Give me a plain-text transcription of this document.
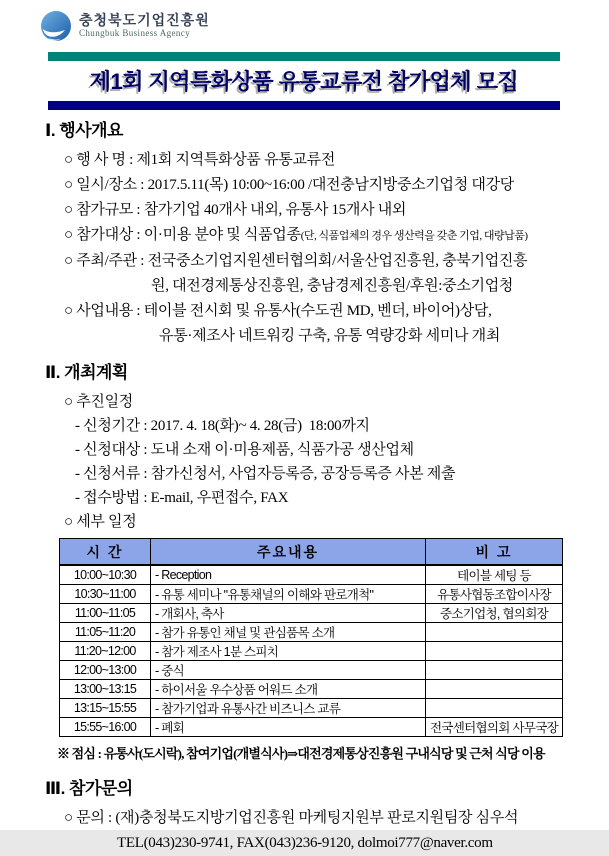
충청북도기업진흥원
Chungbuk Business Agency
제1회 지역특화상품 유통교류전 참가업체 모집
Ⅰ. 행사개요
○ 행 사 명 : 제1회 지역특화상품 유통교류전
○ 일시/장소 : 2017.5.11(목) 10:00~16:00 /대전충남지방중소기업청 대강당
○ 참가규모 : 참가기업 40개사 내외, 유통사 15개사 내외
○ 참가대상 : 이·미용 분야 및 식품업종(단, 식품업체의 경우 생산력을 갖춘 기업, 대량납품)
○ 주최/주관 : 전국중소기업지원센터협의회/서울산업진흥원, 충북기업진흥
원, 대전경제통상진흥원, 충남경제진흥원/후원:중소기업청
○ 사업내용 : 테이블 전시회 및 유통사(수도권 MD, 벤더, 바이어)상담,
유통·제조사 네트워킹 구축, 유통 역량강화 세미나 개최
Ⅱ. 개최계획
○ 추진일정
- 신청기간 : 2017. 4. 18(화)~ 4. 28(금)  18:00까지
- 신청대상 : 도내 소재 이·미용제품, 식품가공 생산업체
- 신청서류 : 참가신청서, 사업자등록증, 공장등록증 사본 제출
- 접수방법 : E-mail, 우편접수, FAX
○ 세부 일정
시 간	주요내용	비 고
10:00~10:30	- Reception	테이블 세팅 등
10:30~11:00	- 유통 세미나 "유통채널의 이해와 판로개척"	유통사협동조합이사장
11:00~11:05	- 개회사, 축사	중소기업청, 협의회장
11:05~11:20	- 참가 유통인 채널 및 관심품목 소개	
11:20~12:00	- 참가 제조사 1분 스피치	
12:00~13:00	- 중식	
13:00~13:15	- 하이서울 우수상품 어워드 소개	
13:15~15:55	- 참가기업과 유통사간 비즈니스 교류	
15:55~16:00	- 폐회	전국센터협의회 사무국장
※ 점심 : 유통사(도시락), 참여기업(개별식사)⇒대전경제통상진흥원 구내식당 및 근처 식당 이용
Ⅲ. 참가문의
○ 문의 : (재)충청북도지방기업진흥원 마케팅지원부 판로지원팀장 심우석
TEL(043)230-9741, FAX(043)236-9120, dolmoi777@naver.com
